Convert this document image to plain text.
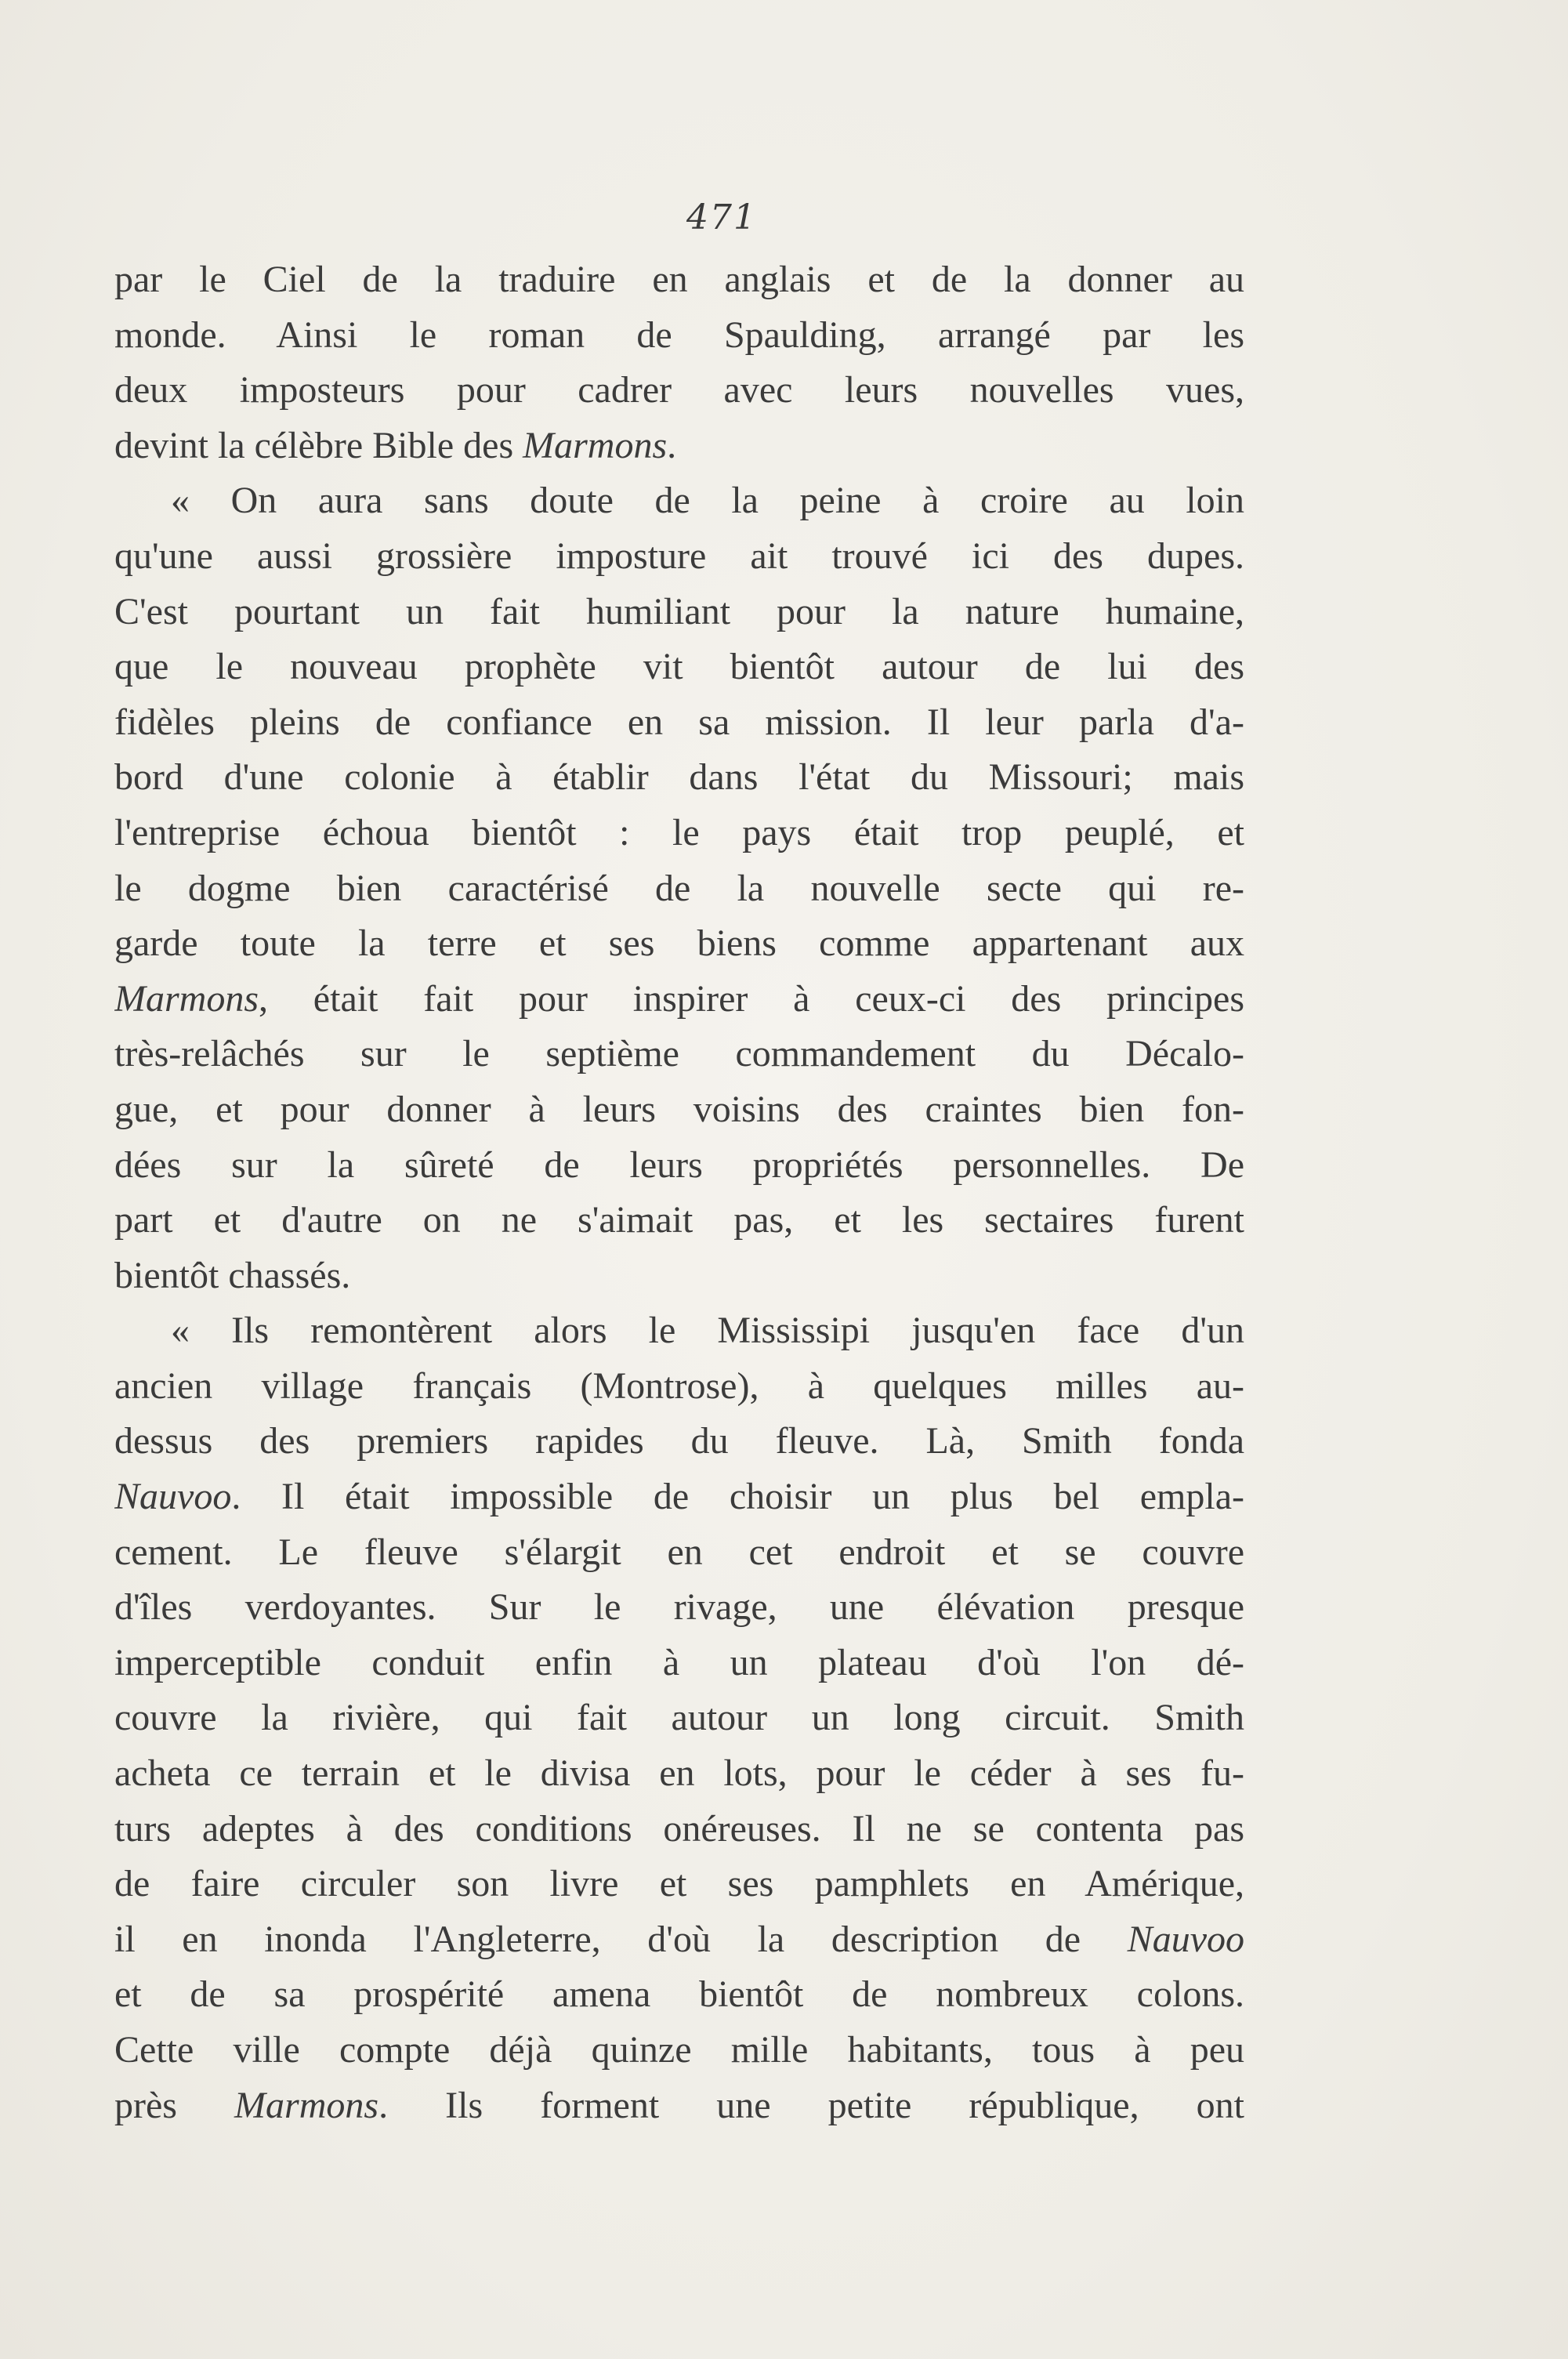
471
par le Ciel de la traduire en anglais et de la donner au
monde. Ainsi le roman de Spaulding, arrangé par les
deux imposteurs pour cadrer avec leurs nouvelles vues,
devint la célèbre Bible des Marmons.
« On aura sans doute de la peine à croire au loin
qu'une aussi grossière imposture ait trouvé ici des dupes.
C'est pourtant un fait humiliant pour la nature humaine,
que le nouveau prophète vit bientôt autour de lui des
fidèles pleins de confiance en sa mission. Il leur parla d'a-
bord d'une colonie à établir dans l'état du Missouri; mais
l'entreprise échoua bientôt : le pays était trop peuplé, et
le dogme bien caractérisé de la nouvelle secte qui re-
garde toute la terre et ses biens comme appartenant aux
Marmons, était fait pour inspirer à ceux-ci des principes
très-relâchés sur le septième commandement du Décalo-
gue, et pour donner à leurs voisins des craintes bien fon-
dées sur la sûreté de leurs propriétés personnelles. De
part et d'autre on ne s'aimait pas, et les sectaires furent
bientôt chassés.
« Ils remontèrent alors le Mississipi jusqu'en face d'un
ancien village français (Montrose), à quelques milles au-
dessus des premiers rapides du fleuve. Là, Smith fonda
Nauvoo. Il était impossible de choisir un plus bel empla-
cement. Le fleuve s'élargit en cet endroit et se couvre
d'îles verdoyantes. Sur le rivage, une élévation presque
imperceptible conduit enfin à un plateau d'où l'on dé-
couvre la rivière, qui fait autour un long circuit. Smith
acheta ce terrain et le divisa en lots, pour le céder à ses fu-
turs adeptes à des conditions onéreuses. Il ne se contenta pas
de faire circuler son livre et ses pamphlets en Amérique,
il en inonda l'Angleterre, d'où la description de Nauvoo
et de sa prospérité amena bientôt de nombreux colons.
Cette ville compte déjà quinze mille habitants, tous à peu
près Marmons. Ils forment une petite république, ont
